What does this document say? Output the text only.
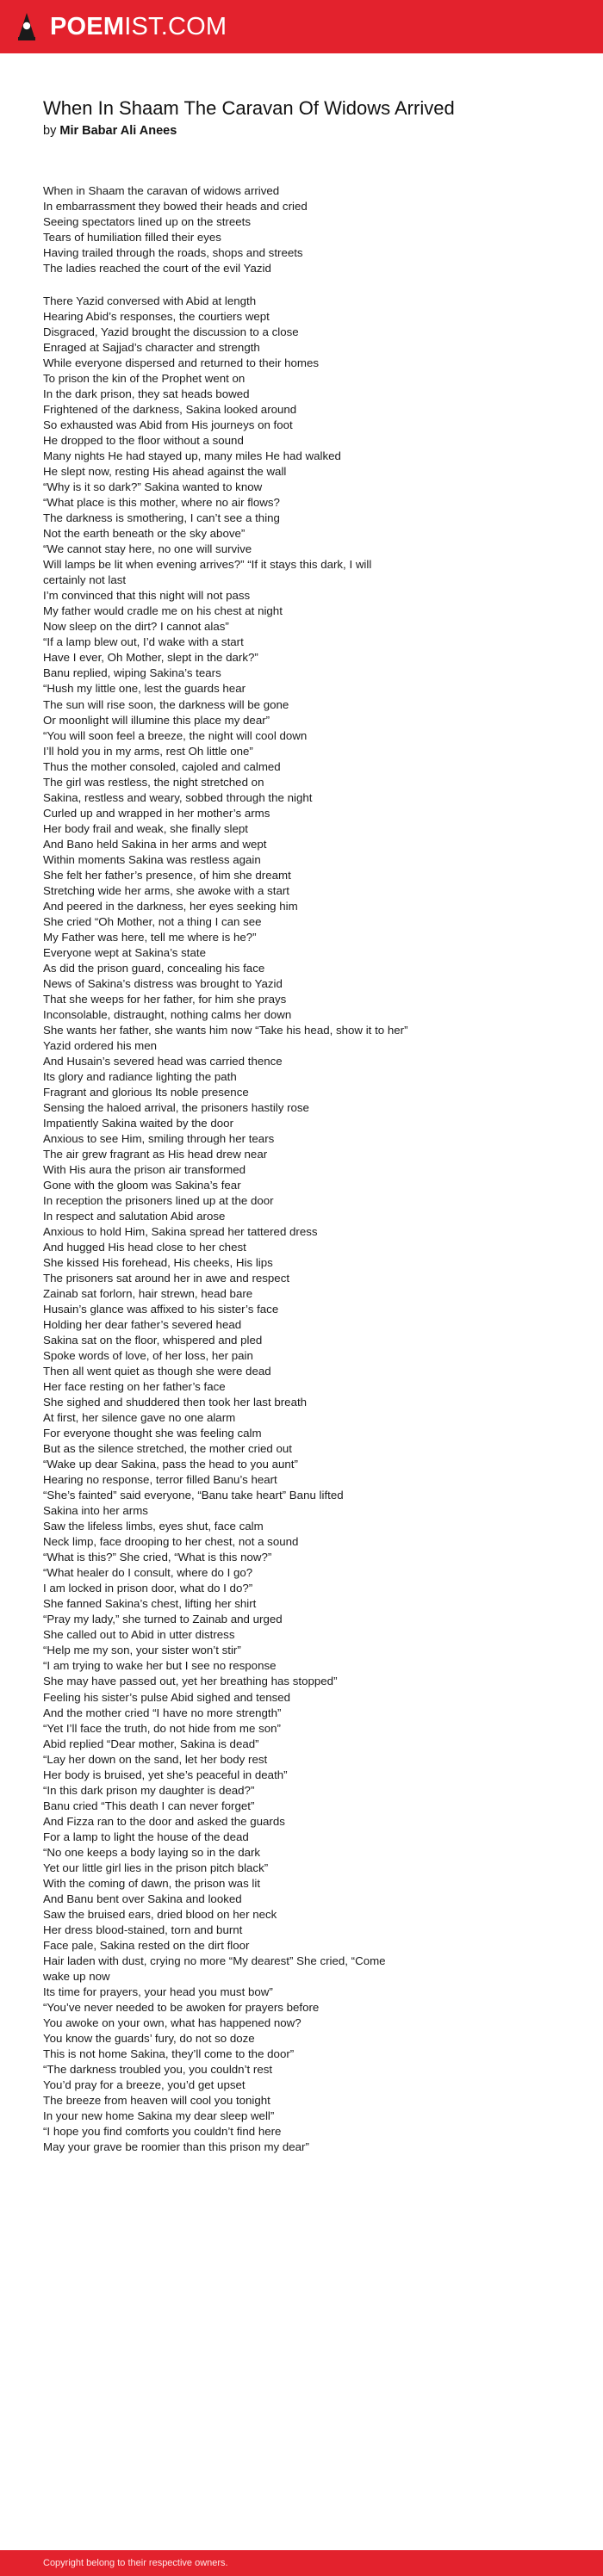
POEMIST.COM
When In Shaam The Caravan Of Widows Arrived
by Mir Babar Ali Anees
When in Shaam the caravan of widows arrived
In embarrassment they bowed their heads and cried
Seeing spectators lined up on the streets
Tears of humiliation filled their eyes
Having trailed through the roads, shops and streets
The ladies reached the court of the evil Yazid
There Yazid conversed with Abid at length
Hearing Abid’s responses, the courtiers wept
Disgraced, Yazid brought the discussion to a close
Enraged at Sajjad’s character and strength
While everyone dispersed and returned to their homes
To prison the kin of the Prophet went on
In the dark prison, they sat heads bowed
Frightened of the darkness, Sakina looked around
So exhausted was Abid from His journeys on foot
He dropped to the floor without a sound
Many nights He had stayed up, many miles He had walked
He slept now, resting His ahead against the wall
“Why is it so dark?” Sakina wanted to know
“What place is this mother, where no air flows?
The darkness is smothering, I can’t see a thing
Not the earth beneath or the sky above”
“We cannot stay here, no one will survive
Will lamps be lit when evening arrives?” “If it stays this dark, I will
certainly not last
I’m convinced that this night will not pass
My father would cradle me on his chest at night
Now sleep on the dirt? I cannot alas”
“If a lamp blew out, I’d wake with a start
Have I ever, Oh Mother, slept in the dark?”
Banu replied, wiping Sakina’s tears
“Hush my little one, lest the guards hear
The sun will rise soon, the darkness will be gone
Or moonlight will illumine this place my dear”
“You will soon feel a breeze, the night will cool down
I’ll hold you in my arms, rest Oh little one”
Thus the mother consoled, cajoled and calmed
The girl was restless, the night stretched on
Sakina, restless and weary, sobbed through the night
Curled up and wrapped in her mother’s arms
Her body frail and weak, she finally slept
And Bano held Sakina in her arms and wept
Within moments Sakina was restless again
She felt her father’s presence, of him she dreamt
Stretching wide her arms, she awoke with a start
And peered in the darkness, her eyes seeking him
She cried “Oh Mother, not a thing I can see
My Father was here, tell me where is he?”
Everyone wept at Sakina’s state
As did the prison guard, concealing his face
News of Sakina’s distress was brought to Yazid
That she weeps for her father, for him she prays
Inconsolable, distraught, nothing calms her down
She wants her father, she wants him now “Take his head, show it to her”
Yazid ordered his men
And Husain’s severed head was carried thence
Its glory and radiance lighting the path
Fragrant and glorious Its noble presence
Sensing the haloed arrival, the prisoners hastily rose
Impatiently Sakina waited by the door
Anxious to see Him, smiling through her tears
The air grew fragrant as His head drew near
With His aura the prison air transformed
Gone with the gloom was Sakina’s fear
In reception the prisoners lined up at the door
In respect and salutation Abid arose
Anxious to hold Him, Sakina spread her tattered dress
And hugged His head close to her chest
She kissed His forehead, His cheeks, His lips
The prisoners sat around her in awe and respect
Zainab sat forlorn, hair strewn, head bare
Husain’s glance was affixed to his sister’s face
Holding her dear father’s severed head
Sakina sat on the floor, whispered and pled
Spoke words of love, of her loss, her pain
Then all went quiet as though she were dead
Her face resting on her father’s face
She sighed and shuddered then took her last breath
At first, her silence gave no one alarm
For everyone thought she was feeling calm
But as the silence stretched, the mother cried out
“Wake up dear Sakina, pass the head to you aunt”
Hearing no response, terror filled Banu’s heart
“She’s fainted” said everyone, “Banu take heart” Banu lifted
Sakina into her arms
Saw the lifeless limbs, eyes shut, face calm
Neck limp, face drooping to her chest, not a sound
“What is this?” She cried, “What is this now?”
“What healer do I consult, where do I go?
I am locked in prison door, what do I do?”
She fanned Sakina’s chest, lifting her shirt
“Pray my lady,” she turned to Zainab and urged
She called out to Abid in utter distress
“Help me my son, your sister won’t stir”
“I am trying to wake her but I see no response
She may have passed out, yet her breathing has stopped”
Feeling his sister’s pulse Abid sighed and tensed
And the mother cried “I have no more strength”
“Yet I’ll face the truth, do not hide from me son”
Abid replied “Dear mother, Sakina is dead”
“Lay her down on the sand, let her body rest
Her body is bruised, yet she’s peaceful in death”
“In this dark prison my daughter is dead?”
Banu cried “This death I can never forget”
And Fizza ran to the door and asked the guards
For a lamp to light the house of the dead
“No one keeps a body laying so in the dark
Yet our little girl lies in the prison pitch black”
With the coming of dawn, the prison was lit
And Banu bent over Sakina and looked
Saw the bruised ears, dried blood on her neck
Her dress blood-stained, torn and burnt
Face pale, Sakina rested on the dirt floor
Hair laden with dust, crying no more “My dearest” She cried, “Come
wake up now
Its time for prayers, your head you must bow”
“You’ve never needed to be awoken for prayers before
You awoke on your own, what has happened now?
You know the guards’ fury, do not so doze
This is not home Sakina, they’ll come to the door”
“The darkness troubled you, you couldn’t rest
You’d pray for a breeze, you’d get upset
The breeze from heaven will cool you tonight
In your new home Sakina my dear sleep well”
“I hope you find comforts you couldn’t find here
May your grave be roomier than this prison my dear”
Copyright belong to their respective owners.
